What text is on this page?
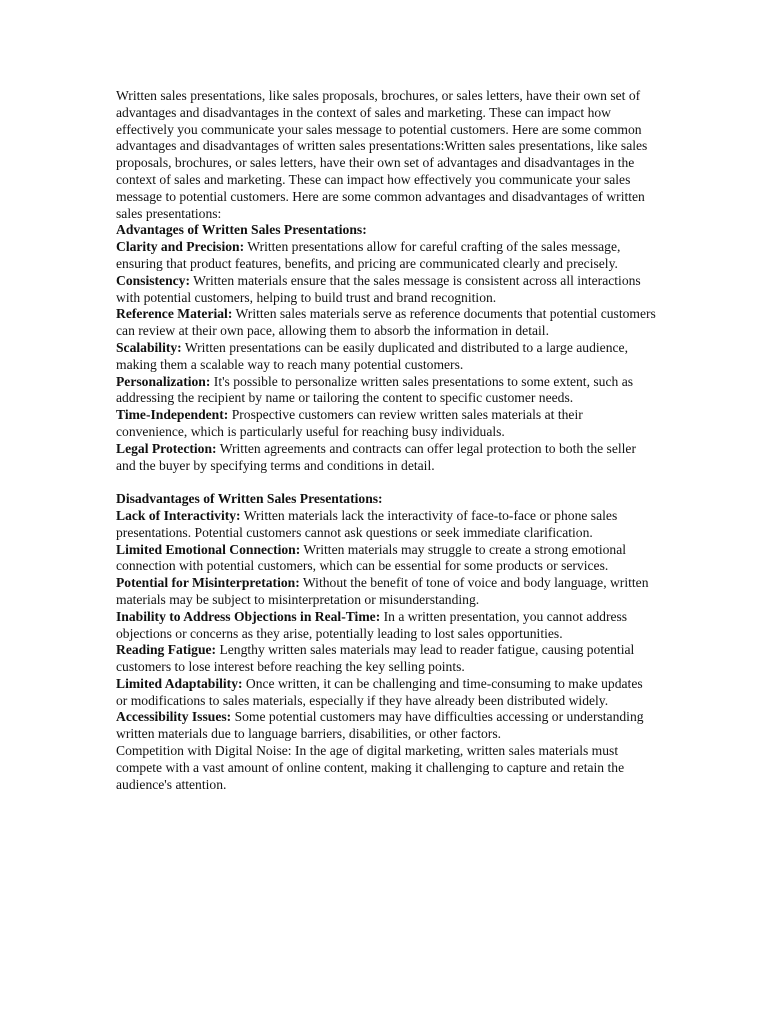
Written sales presentations, like sales proposals, brochures, or sales letters, have their own set of advantages and disadvantages in the context of sales and marketing. These can impact how effectively you communicate your sales message to potential customers. Here are some common advantages and disadvantages of written sales presentations:Written sales presentations, like sales proposals, brochures, or sales letters, have their own set of advantages and disadvantages in the context of sales and marketing. These can impact how effectively you communicate your sales message to potential customers. Here are some common advantages and disadvantages of written sales presentations:

Advantages of Written Sales Presentations:

Clarity and Precision: Written presentations allow for careful crafting of the sales message, ensuring that product features, benefits, and pricing are communicated clearly and precisely.

Consistency: Written materials ensure that the sales message is consistent across all interactions with potential customers, helping to build trust and brand recognition.

Reference Material: Written sales materials serve as reference documents that potential customers can review at their own pace, allowing them to absorb the information in detail.

Scalability: Written presentations can be easily duplicated and distributed to a large audience, making them a scalable way to reach many potential customers.

Personalization: It's possible to personalize written sales presentations to some extent, such as addressing the recipient by name or tailoring the content to specific customer needs.

Time-Independent: Prospective customers can review written sales materials at their convenience, which is particularly useful for reaching busy individuals.

Legal Protection: Written agreements and contracts can offer legal protection to both the seller and the buyer by specifying terms and conditions in detail.

Disadvantages of Written Sales Presentations:

Lack of Interactivity: Written materials lack the interactivity of face-to-face or phone sales presentations. Potential customers cannot ask questions or seek immediate clarification.

Limited Emotional Connection: Written materials may struggle to create a strong emotional connection with potential customers, which can be essential for some products or services.

Potential for Misinterpretation: Without the benefit of tone of voice and body language, written materials may be subject to misinterpretation or misunderstanding.

Inability to Address Objections in Real-Time: In a written presentation, you cannot address objections or concerns as they arise, potentially leading to lost sales opportunities.

Reading Fatigue: Lengthy written sales materials may lead to reader fatigue, causing potential customers to lose interest before reaching the key selling points.

Limited Adaptability: Once written, it can be challenging and time-consuming to make updates or modifications to sales materials, especially if they have already been distributed widely.

Accessibility Issues: Some potential customers may have difficulties accessing or understanding written materials due to language barriers, disabilities, or other factors.

Competition with Digital Noise: In the age of digital marketing, written sales materials must compete with a vast amount of online content, making it challenging to capture and retain the audience's attention.
